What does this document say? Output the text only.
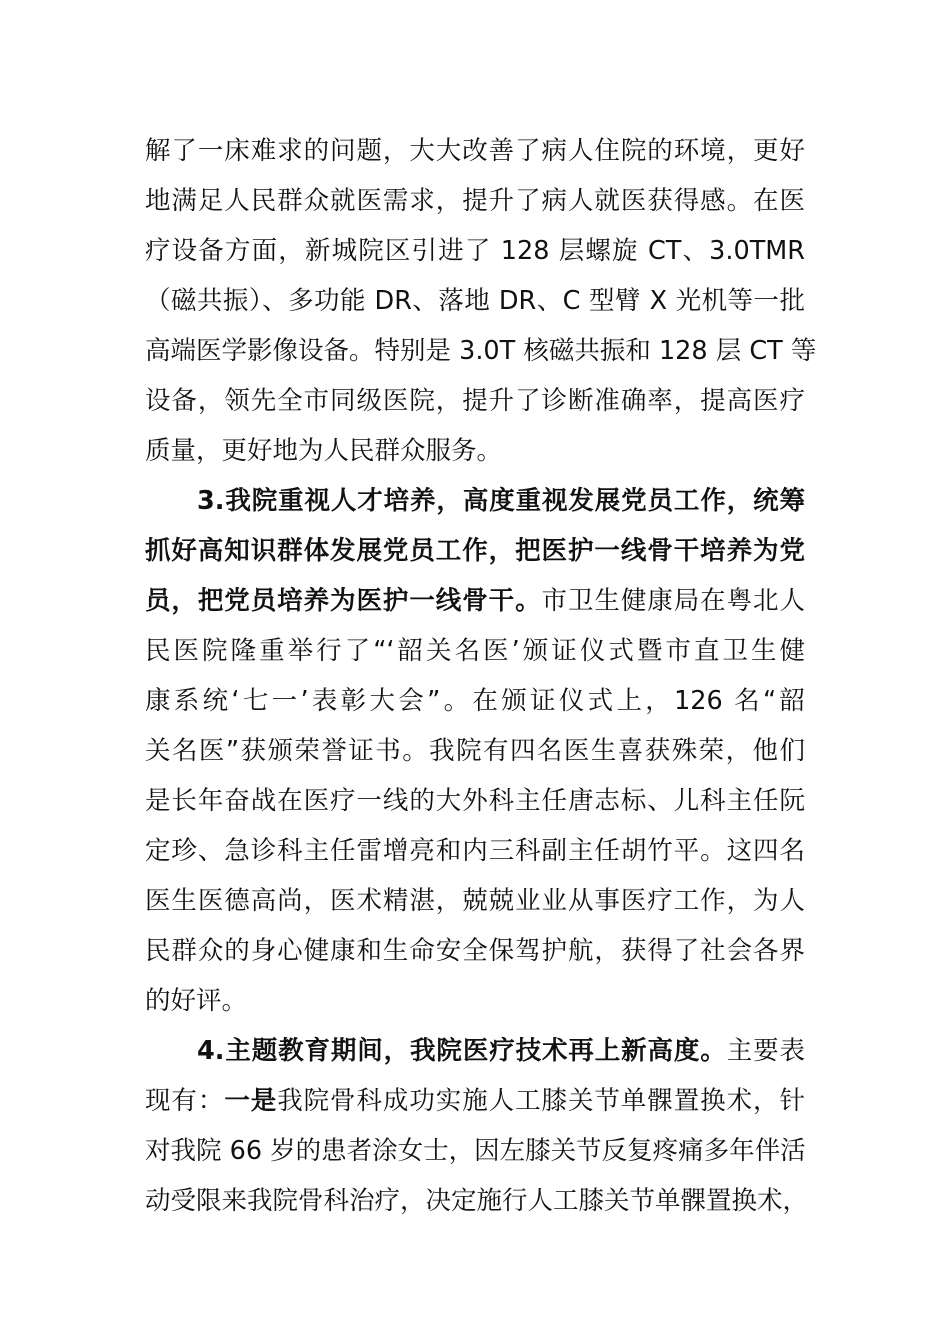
解了一床难求的问题，大大改善了病人住院的环境，更好
地满足人民群众就医需求，提升了病人就医获得感。在医
疗设备方面，新城院区引进了 128 层螺旋 CT、3.0TMR
（磁共振）、多功能 DR、落地 DR、C 型臂 X 光机等一批
高端医学影像设备。特别是 3.0T 核磁共振和 128 层 CT 等
设备，领先全市同级医院，提升了诊断准确率，提高医疗
质量，更好地为人民群众服务。
3.我院重视人才培养，高度重视发展党员工作，统筹
抓好高知识群体发展党员工作，把医护一线骨干培养为党
员，把党员培养为医护一线骨干。市卫生健康局在粤北人
民医院隆重举行了“‘韶关名医’颁证仪式暨市直卫生健
康系统‘七一’表彰大会”。在颁证仪式上，126 名“韶
关名医”获颁荣誉证书。我院有四名医生喜获殊荣，他们
是长年奋战在医疗一线的大外科主任唐志标、儿科主任阮
定珍、急诊科主任雷增亮和内三科副主任胡竹平。这四名
医生医德高尚，医术精湛，兢兢业业从事医疗工作，为人
民群众的身心健康和生命安全保驾护航，获得了社会各界
的好评。
4.主题教育期间，我院医疗技术再上新高度。主要表
现有：一是我院骨科成功实施人工膝关节单髁置换术，针
对我院 66 岁的患者涂女士，因左膝关节反复疼痛多年伴活
动受限来我院骨科治疗，决定施行人工膝关节单髁置换术，
